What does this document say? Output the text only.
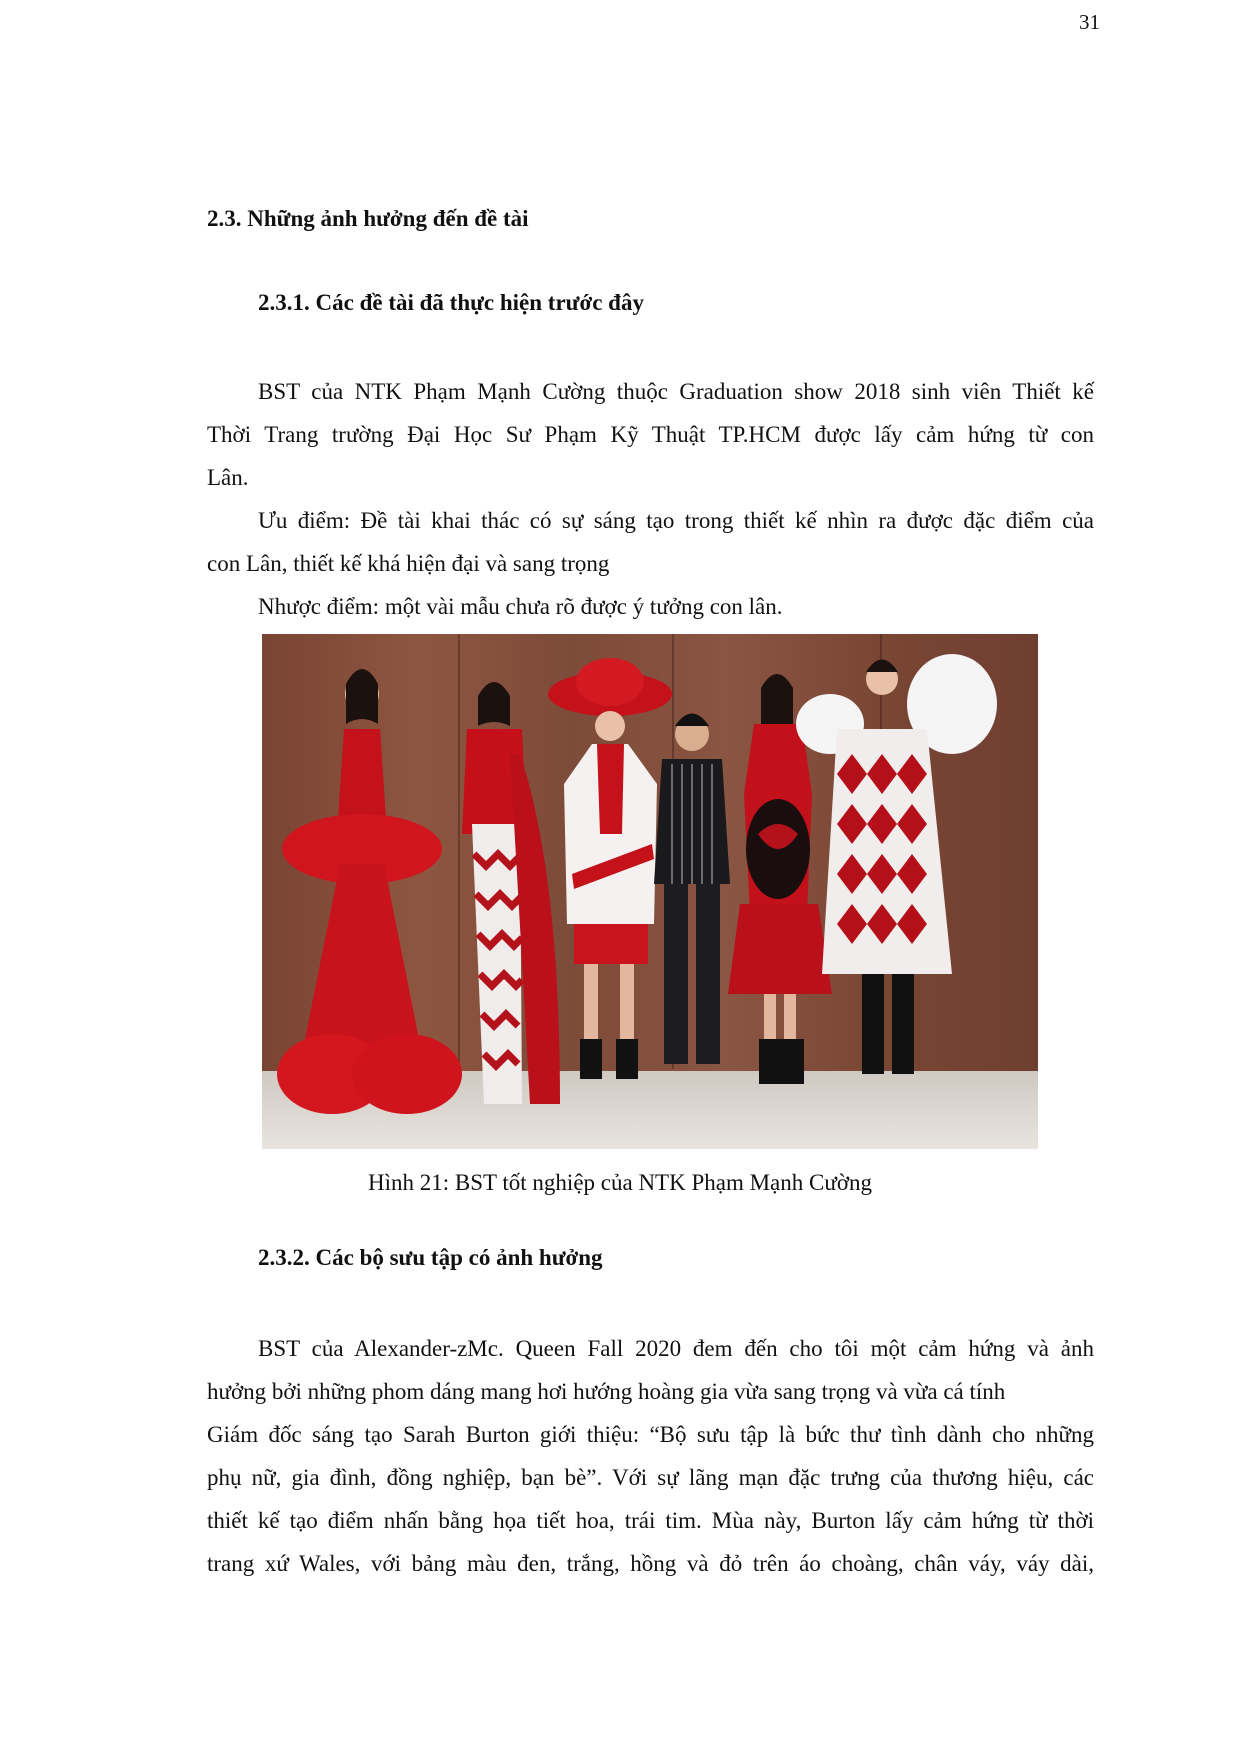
31
2.3. Những ảnh hưởng đến đề tài
2.3.1. Các đề tài đã thực hiện trước đây
BST của NTK Phạm Mạnh Cường thuộc Graduation show 2018 sinh viên Thiết kế
Thời Trang trường Đại Học Sư Phạm Kỹ Thuật TP.HCM được lấy cảm hứng từ con
Lân.
Ưu điểm: Đề tài khai thác có sự sáng tạo trong thiết kế nhìn ra được đặc điểm của
con Lân, thiết kế khá hiện đại và sang trọng
Nhược điểm: một vài mẫu chưa rõ được ý tưởng con lân.
Hình 21: BST tốt nghiệp của NTK Phạm Mạnh Cường
2.3.2. Các bộ sưu tập có ảnh hưởng
BST của Alexander-zMc. Queen Fall 2020 đem đến cho tôi một cảm hứng và ảnh
hưởng bởi những phom dáng mang hơi hướng hoàng gia vừa sang trọng và vừa cá tính
Giám đốc sáng tạo Sarah Burton giới thiệu: “Bộ sưu tập là bức thư tình dành cho những
phụ nữ, gia đình, đồng nghiệp, bạn bè”. Với sự lãng mạn đặc trưng của thương hiệu, các
thiết kế tạo điểm nhấn bằng họa tiết hoa, trái tim. Mùa này, Burton lấy cảm hứng từ thời
trang xứ Wales, với bảng màu đen, trắng, hồng và đỏ trên áo choàng, chân váy, váy dài,
